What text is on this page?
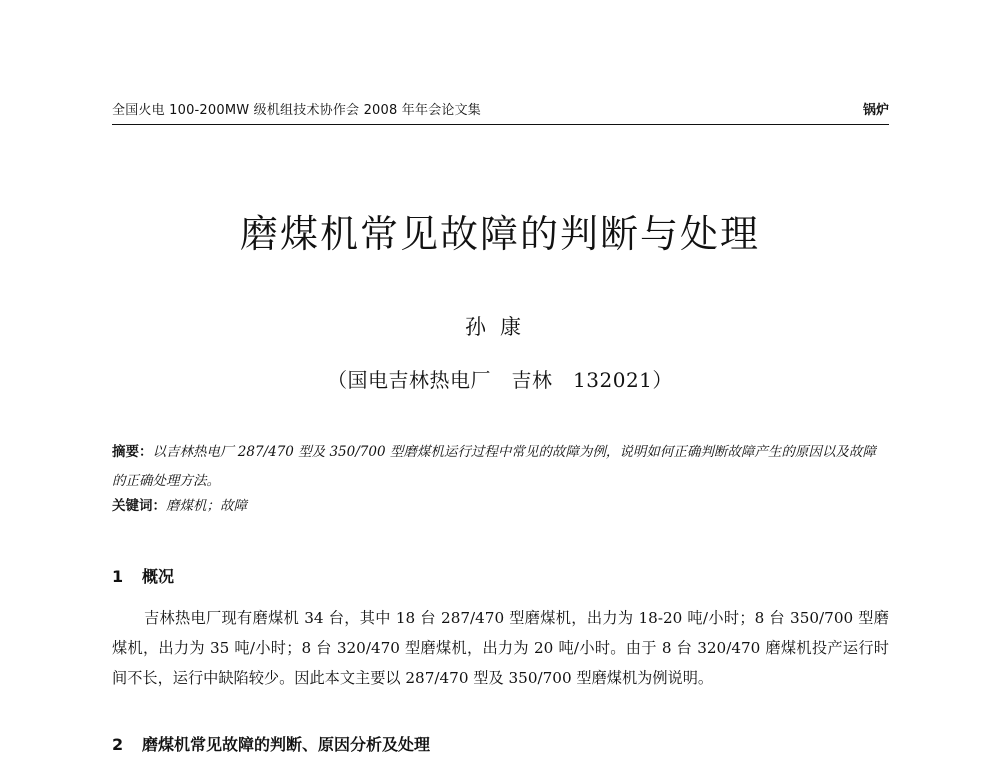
全国火电 100-200MW 级机组技术协作会 2008 年年会论文集	锅炉
磨煤机常见故障的判断与处理
孙康
（国电吉林热电厂　吉林　132021）
摘要：以吉林热电厂 287/470 型及 350/700 型磨煤机运行过程中常见的故障为例，说明如何正确判断故障产生的原因以及故障的正确处理方法。
关键词：磨煤机；故障
1 概况
吉林热电厂现有磨煤机 34 台，其中 18 台 287/470 型磨煤机，出力为 18-20 吨/小时；8 台 350/700 型磨煤机，出力为 35 吨/小时；8 台 320/470 型磨煤机，出力为 20 吨/小时。由于 8 台 320/470 磨煤机投产运行时间不长，运行中缺陷较少。因此本文主要以 287/470 型及 350/700 型磨煤机为例说明。
2 磨煤机常见故障的判断、原因分析及处理
